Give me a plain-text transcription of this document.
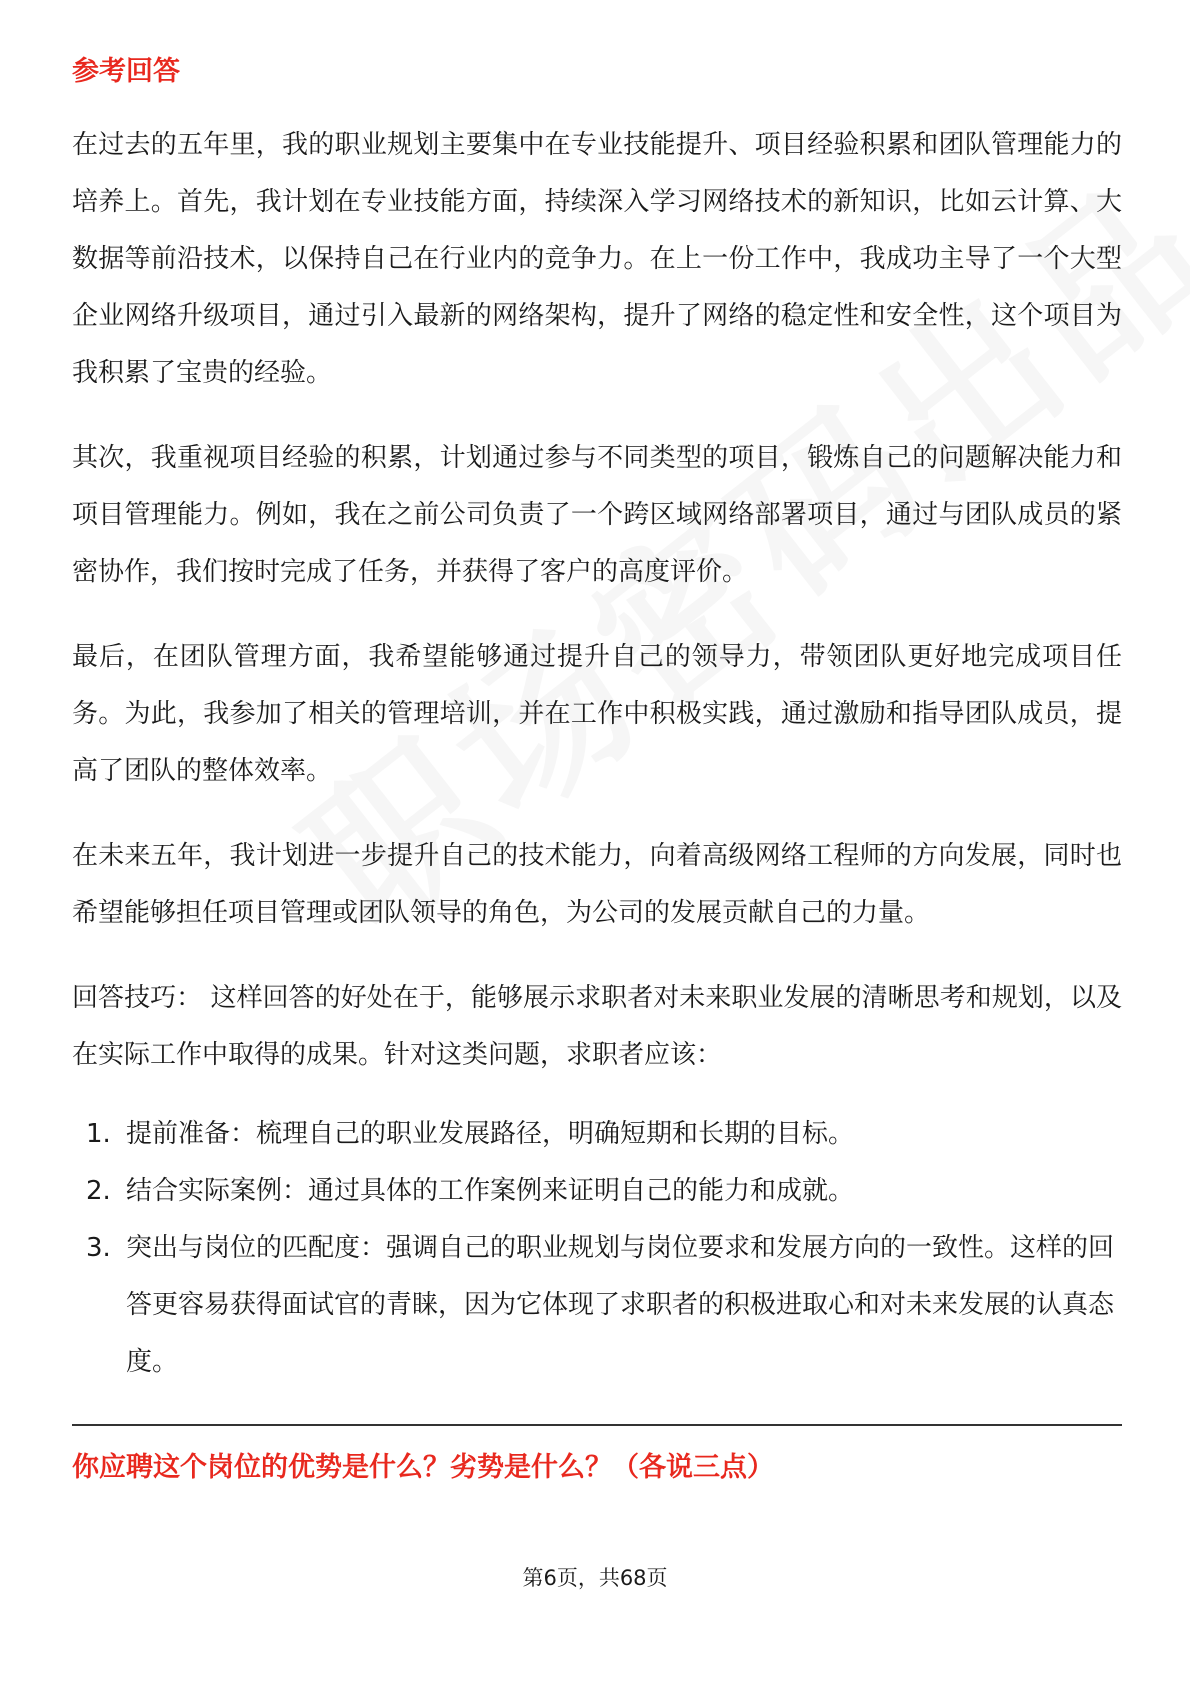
参考回答

在过去的五年里，我的职业规划主要集中在专业技能提升、项目经验积累和团队管理能力的培养上。首先，我计划在专业技能方面，持续深入学习网络技术的新知识，比如云计算、大数据等前沿技术，以保持自己在行业内的竞争力。在上一份工作中，我成功主导了一个大型企业网络升级项目，通过引入最新的网络架构，提升了网络的稳定性和安全性，这个项目为我积累了宝贵的经验。

其次，我重视项目经验的积累，计划通过参与不同类型的项目，锻炼自己的问题解决能力和项目管理能力。例如，我在之前公司负责了一个跨区域网络部署项目，通过与团队成员的紧密协作，我们按时完成了任务，并获得了客户的高度评价。

最后，在团队管理方面，我希望能够通过提升自己的领导力，带领团队更好地完成项目任务。为此，我参加了相关的管理培训，并在工作中积极实践，通过激励和指导团队成员，提高了团队的整体效率。

在未来五年，我计划进一步提升自己的技术能力，向着高级网络工程师的方向发展，同时也希望能够担任项目管理或团队领导的角色，为公司的发展贡献自己的力量。

回答技巧： 这样回答的好处在于，能够展示求职者对未来职业发展的清晰思考和规划，以及在实际工作中取得的成果。针对这类问题，求职者应该：

1. 提前准备：梳理自己的职业发展路径，明确短期和长期的目标。
2. 结合实际案例：通过具体的工作案例来证明自己的能力和成就。
3. 突出与岗位的匹配度：强调自己的职业规划与岗位要求和发展方向的一致性。这样的回答更容易获得面试官的青睐，因为它体现了求职者的积极进取心和对未来发展的认真态度。
你应聘这个岗位的优势是什么？劣势是什么？（各说三点）
第6页，共68页
